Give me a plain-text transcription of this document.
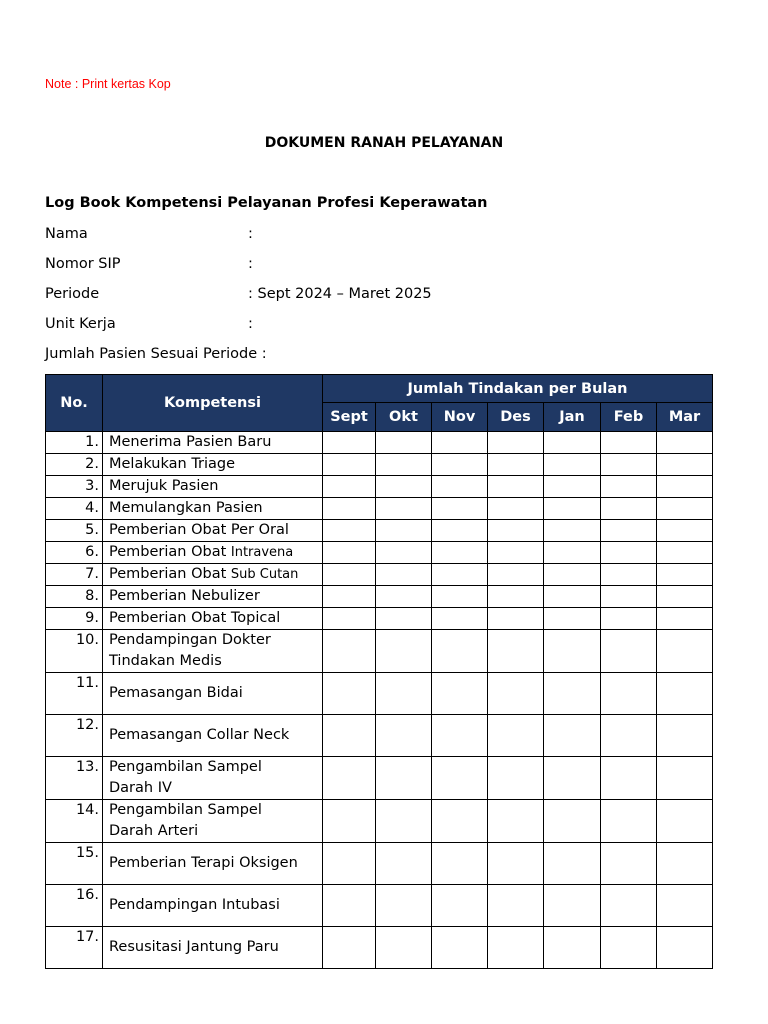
Note : Print kertas Kop
DOKUMEN RANAH PELAYANAN
Log Book Kompetensi Pelayanan Profesi Keperawatan
Nama	:
Nomor SIP	:
Periode	: Sept 2024 – Maret 2025
Unit Kerja	:
Jumlah Pasien Sesuai Periode :
No.	Kompetensi	Jumlah Tindakan per Bulan						
		Sept	Okt	Nov	Des	Jan	Feb	Mar
1.	Menerima Pasien Baru							
2.	Melakukan Triage							
3.	Merujuk Pasien							
4.	Memulangkan Pasien							
5.	Pemberian Obat Per Oral							
6.	Pemberian Obat Intravena							
7.	Pemberian Obat Sub Cutan							
8.	Pemberian Nebulizer							
9.	Pemberian Obat Topical							
10.	Pendampingan Dokter
Tindakan Medis							

11.	Pemasangan Bidai							
12.	Pemasangan Collar Neck							
13.	Pengambilan Sampel
Darah IV							

14.	Pengambilan Sampel
Darah Arteri							

15.	Pemberian Terapi Oksigen							
16.	Pendampingan Intubasi							
17.	Resusitasi Jantung Paru							
